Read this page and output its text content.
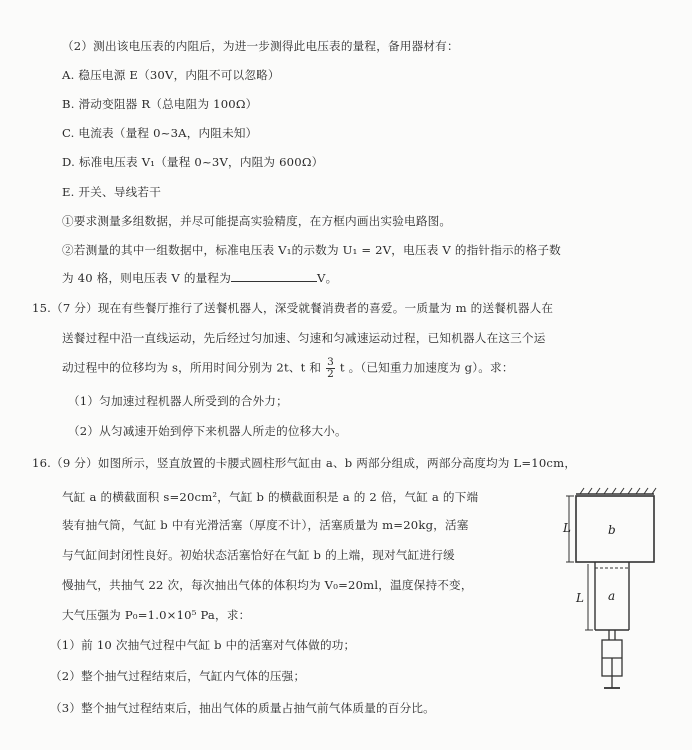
（2）测出该电压表的内阻后，为进一步测得此电压表的量程，备用器材有：
A. 稳压电源 E（30V，内阻不可以忽略）
B. 滑动变阻器 R（总电阻为 100Ω）
C. 电流表（量程 0~3A，内阻未知）
D. 标准电压表 V₁（量程 0~3V，内阻为 600Ω）
E. 开关、导线若干
①要求测量多组数据，并尽可能提高实验精度，在方框内画出实验电路图。
②若测量的其中一组数据中，标准电压表 V₁的示数为 U₁ = 2V，电压表 V 的指针指示的格子数
为 40 格，则电压表 V 的量程为	V。
15.（7 分）现在有些餐厅推行了送餐机器人，深受就餐消费者的喜爱。一质量为 m 的送餐机器人在
送餐过程中沿一直线运动，先后经过匀加速、匀速和匀减速运动过程，已知机器人在这三个运
动过程中的位移均为 s，所用时间分别为 2t、t 和 $\frac{3}{2}$ t 。（已知重力加速度为 g）。求：
（1）匀加速过程机器人所受到的合外力；
（2）从匀减速开始到停下来机器人所走的位移大小。
16.（9 分）如图所示，竖直放置的卡腰式圆柱形气缸由 a、b 两部分组成，两部分高度均为 L=10cm，
气缸 a 的横截面积 s=20cm²，气缸 b 的横截面积是 a 的 2 倍，气缸 a 的下端
装有抽气筒，气缸 b 中有光滑活塞（厚度不计），活塞质量为 m=20kg，活塞
与气缸间封闭性良好。初始状态活塞恰好在气缸 b 的上端，现对气缸进行缓
慢抽气，共抽气 22 次，每次抽出气体的体积均为 V₀=20ml，温度保持不变，
大气压强为 P₀=1.0×10⁵ Pa，求：
（1）前 10 次抽气过程中气缸 b 中的活塞对气体做的功；
（2）整个抽气过程结束后，气缸内气体的压强；
（3）整个抽气过程结束后，抽出气体的质量占抽气前气体质量的百分比。
L
L
b
a
